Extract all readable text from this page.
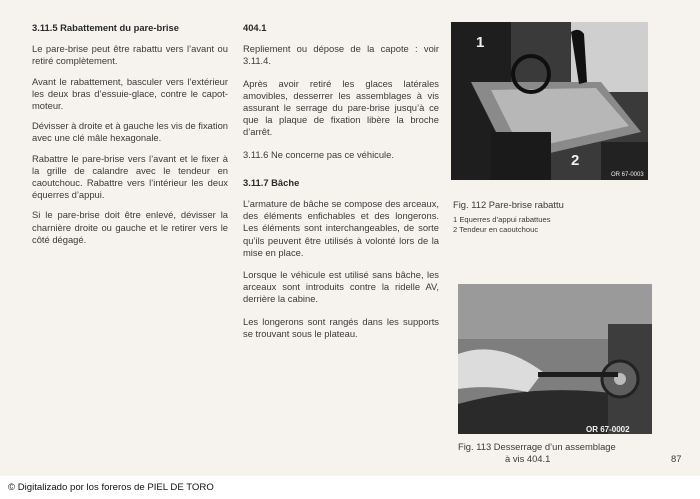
3.11.5 Rabattement du pare-brise

Le pare-brise peut être rabattu vers l’avant ou retiré complètement.

Avant le rabattement, basculer vers l’extérieur les deux bras d’essuie-glace, contre le capot-moteur.

Dévisser à droite et à gauche les vis de fixation avec une clé mâle hexagonale.

Rabattre le pare-brise vers l’avant et le fixer à la grille de calandre avec le tendeur en caoutchouc. Rabattre vers l’intérieur les deux équerres d’appui.

Si le pare-brise doit être enlevé, dévisser la charnière droite ou gauche et le retirer vers le côté dégagé.

404.1

Repliement ou dépose de la capote : voir 3.11.4.

Après avoir retiré les glaces latérales amovibles, desserrer les assemblages à vis assurant le serrage du pare-brise jusqu’à ce que la plaque de fixation libère la broche d’arrêt.

3.11.6 Ne concerne pas ce véhicule.

3.11.7 Bâche

L’armature de bâche se compose des arceaux, des éléments enfichables et des longerons. Les éléments sont interchangeables, de sorte qu’ils peuvent être utilisés à volonté lors de la mise en place.

Lorsque le véhicule est utilisé sans bâche, les arceaux sont introduits contre la ridelle AV, derrière la cabine.

Les longerons sont rangés dans les supports se trouvant sous le plateau.

1
2
OR 67-0003
Fig. 112 Pare-brise rabattu
1 Equerres d’appui rabattues
2 Tendeur en caoutchouc
OR 67-0002
Fig. 113 Desserrage d’un assemblage
à vis 404.1	87
© Digitalizado por los foreros de PIEL DE TORO
